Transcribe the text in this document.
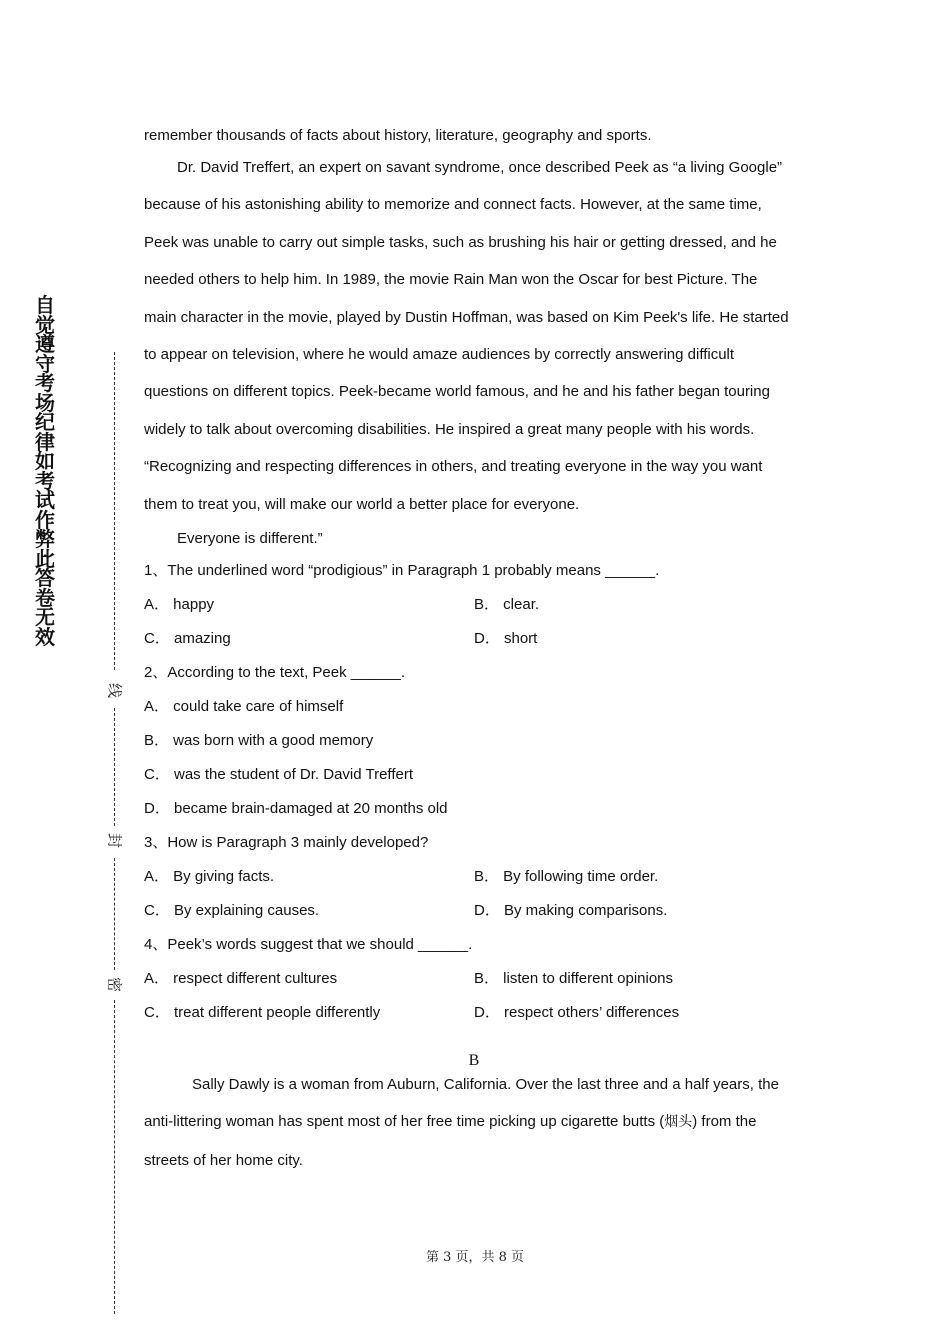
自觉遵守考场纪律如考试作弊此答卷无效
线
封
密

remember thousands of facts about history, literature, geography and sports.

Dr. David Treffert, an expert on savant syndrome, once described Peek as “a living Google”
because of his astonishing ability to memorize and connect facts. However, at the same time,
Peek was unable to carry out simple tasks, such as brushing his hair or getting dressed, and he
needed others to help him. In 1989, the movie Rain Man won the Oscar for best Picture. The
main character in the movie, played by Dustin Hoffman, was based on Kim Peek's life. He started
to appear on television, where he would amaze audiences by correctly answering difficult
questions on different topics. Peek-became world famous, and he and his father began touring
widely to talk about overcoming disabilities. He inspired a great many people with his words.
“Recognizing and respecting differences in others, and treating everyone in the way you want
them to treat you, will make our world a better place for everyone.

Everyone is different.”

1、The underlined word “prodigious” in Paragraph 1 probably means ______.

A． happy	B． clear.
C． amazing	D． short

2、According to the text, Peek ______.

A． could take care of himself
B． was born with a good memory
C． was the student of Dr. David Treffert
D． became brain-damaged at 20 months old

3、How is Paragraph 3 mainly developed?

A． By giving facts.	B． By following time order.
C． By explaining causes.	D． By making comparisons.

4、Peek’s words suggest that we should ______.

A． respect different cultures	B． listen to different opinions
C． treat different people differently	D． respect others’ differences

B

Sally Dawly is a woman from Auburn, California. Over the last three and a half years, the
anti-littering woman has spent most of her free time picking up cigarette butts (烟头) from the
streets of her home city.
第 3 页，共 8 页
